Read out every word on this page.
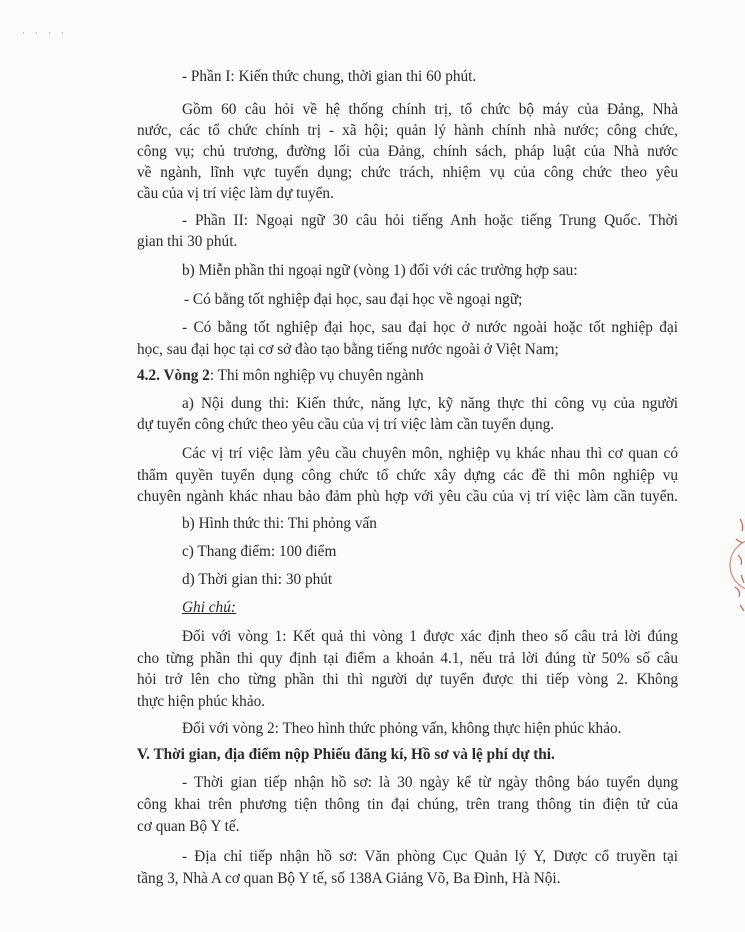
····
- Phần I: Kiến thức chung, thời gian thi 60 phút.
Gồm 60 câu hỏi về hệ thống chính trị, tổ chức bộ máy của Đảng, Nhà
nước, các tổ chức chính trị - xã hội; quản lý hành chính nhà nước; công chức,
công vụ; chủ trương, đường lối của Đảng, chính sách, pháp luật của Nhà nước
về ngành, lĩnh vực tuyển dụng; chức trách, nhiệm vụ của công chức theo yêu
cầu của vị trí việc làm dự tuyển.
- Phần II: Ngoại ngữ 30 câu hỏi tiếng Anh hoặc tiếng Trung Quốc. Thời
gian thi 30 phút.
b) Miễn phần thi ngoại ngữ (vòng 1) đối với các trường hợp sau:
- Có bằng tốt nghiệp đại học, sau đại học về ngoại ngữ;
- Có bằng tốt nghiệp đại học, sau đại học ở nước ngoài hoặc tốt nghiệp đại
học, sau đại học tại cơ sở đào tạo bằng tiếng nước ngoài ở Việt Nam;
4.2. Vòng 2: Thi môn nghiệp vụ chuyên ngành
a) Nội dung thi: Kiến thức, năng lực, kỹ năng thực thi công vụ của người
dự tuyển công chức theo yêu cầu của vị trí việc làm cần tuyển dụng.
Các vị trí việc làm yêu cầu chuyên môn, nghiệp vụ khác nhau thì cơ quan có
thẩm quyền tuyển dụng công chức tổ chức xây dựng các đề thi môn nghiệp vụ
chuyên ngành khác nhau bảo đảm phù hợp với yêu cầu của vị trí việc làm cần tuyển.
b) Hình thức thi: Thi phỏng vấn
c) Thang điểm: 100 điểm
d) Thời gian thi: 30 phút
Ghi chú:
Đối với vòng 1: Kết quả thi vòng 1 được xác định theo số câu trả lời đúng
cho từng phần thi quy định tại điểm a khoản 4.1, nếu trả lời đúng từ 50% số câu
hỏi trở lên cho từng phần thi thì người dự tuyển được thi tiếp vòng 2. Không
thực hiện phúc khảo.
Đối với vòng 2: Theo hình thức phỏng vấn, không thực hiện phúc khảo.
V. Thời gian, địa điểm nộp Phiếu đăng kí, Hồ sơ và lệ phí dự thi.
- Thời gian tiếp nhận hồ sơ: là 30 ngày kể từ ngày thông báo tuyển dụng
công khai trên phương tiện thông tin đại chúng, trên trang thông tin điện tử của
cơ quan Bộ Y tế.
- Địa chỉ tiếp nhận hồ sơ: Văn phòng Cục Quản lý Y, Dược cổ truyền tại
tầng 3, Nhà A cơ quan Bộ Y tế, số 138A Giảng Võ, Ba Đình, Hà Nội.
